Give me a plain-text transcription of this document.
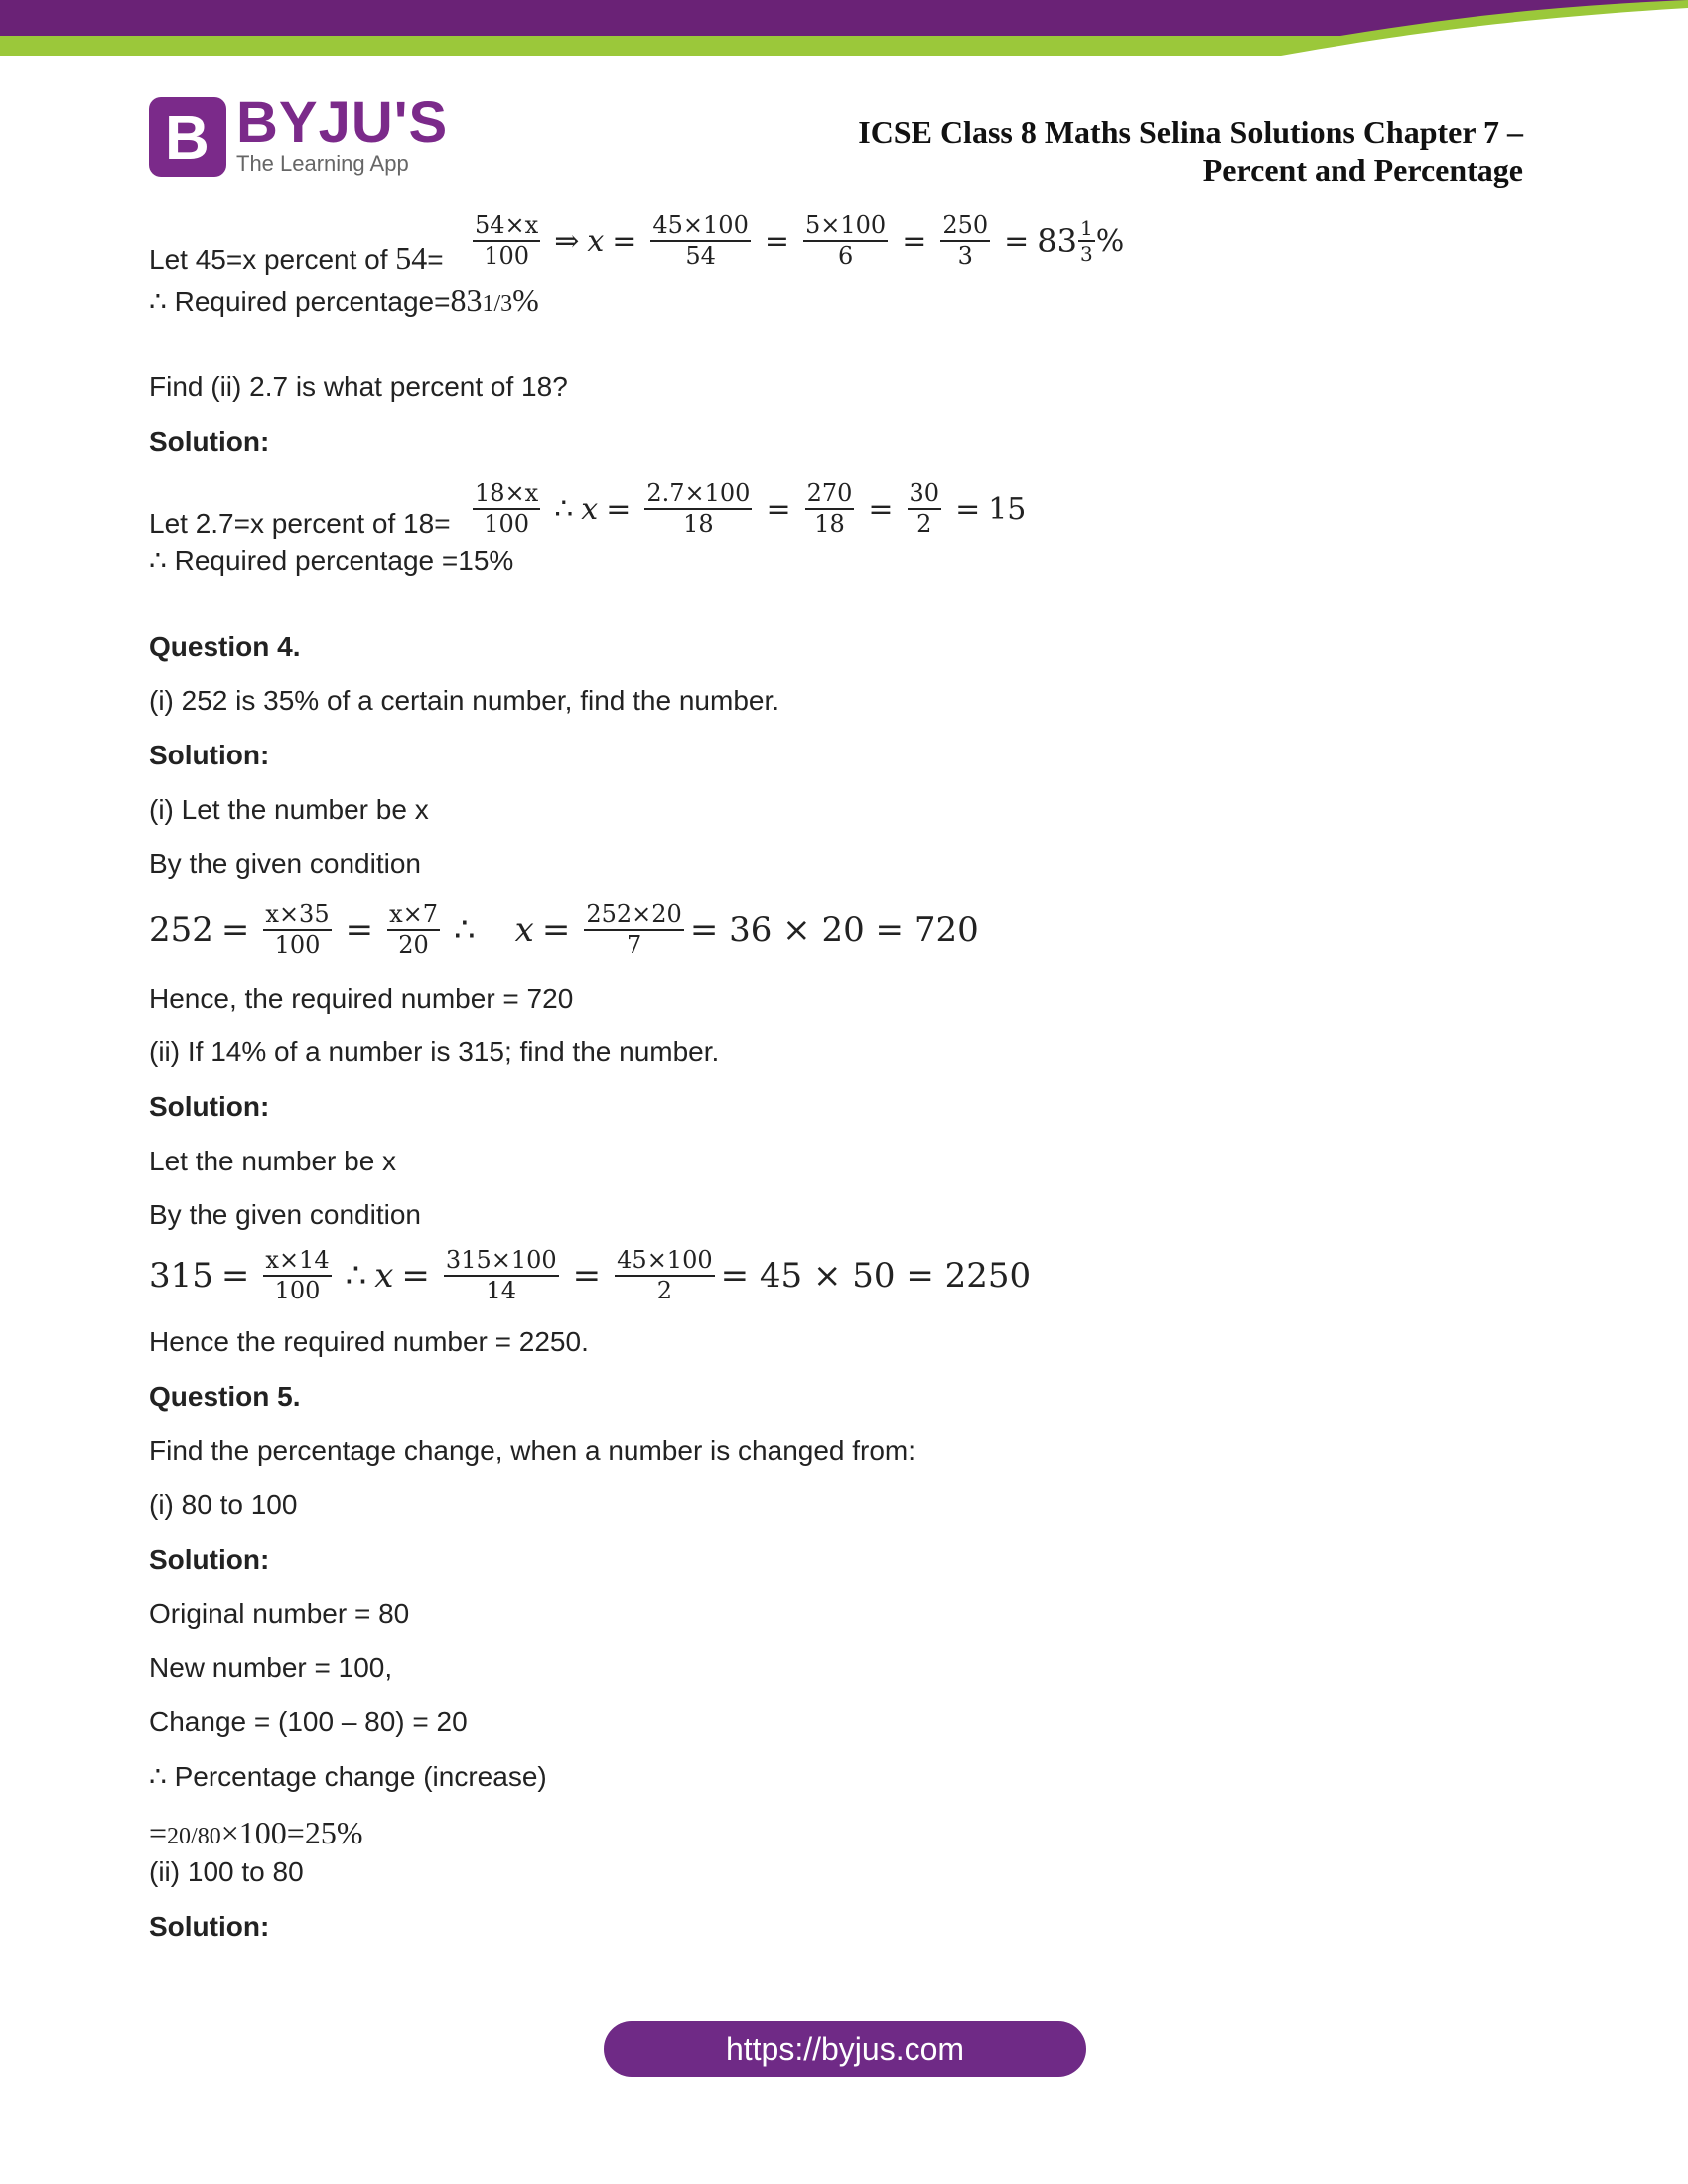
B BYJU'S
The Learning App
ICSE Class 8 Maths Selina Solutions Chapter 7 –
Percent and Percentage
Let 45=x percent of $54= \frac{54\times x}{100}$ ⇒ $x = \frac{45\times 100}{54} = \frac{5\times 100}{6} = \frac{250}{3} = 83 \frac{1}{3}$ %
∴ Required percentage=831/3%
Find (ii) 2.7 is what percent of 18?
Solution:
Let 2.7=x percent of $18= \frac{18\times x}{100}$ ∴ $x = \frac{2.7\times 100}{18} = \frac{270}{18} = \frac{30}{2} = 15$
∴ Required percentage =15%
Question 4.
(i) 252 is 35% of a certain number, find the number.
Solution:
(i) Let the number be x
By the given condition
$252 = \frac{x\times 35}{100} = \frac{x\times 7}{20}$ ∴ $x = \frac{252\times 20}{7} = 36 \times 20 = 720$
Hence, the required number = 720
(ii) If 14% of a number is 315; find the number.
Solution:
Let the number be x
By the given condition
$315 = \frac{x\times 14}{100}$ ∴ $x = \frac{315\times 100}{14} = \frac{45\times 100}{2} = 45 \times 50 = 2250$
Hence the required number = 2250.
Question 5.
Find the percentage change, when a number is changed from:
(i) 80 to 100
Solution:
Original number = 80
New number = 100,
Change = (100 – 80) = 20
∴ Percentage change (increase)
=20/80×100=25%
(ii) 100 to 80
Solution:
https://byjus.com
